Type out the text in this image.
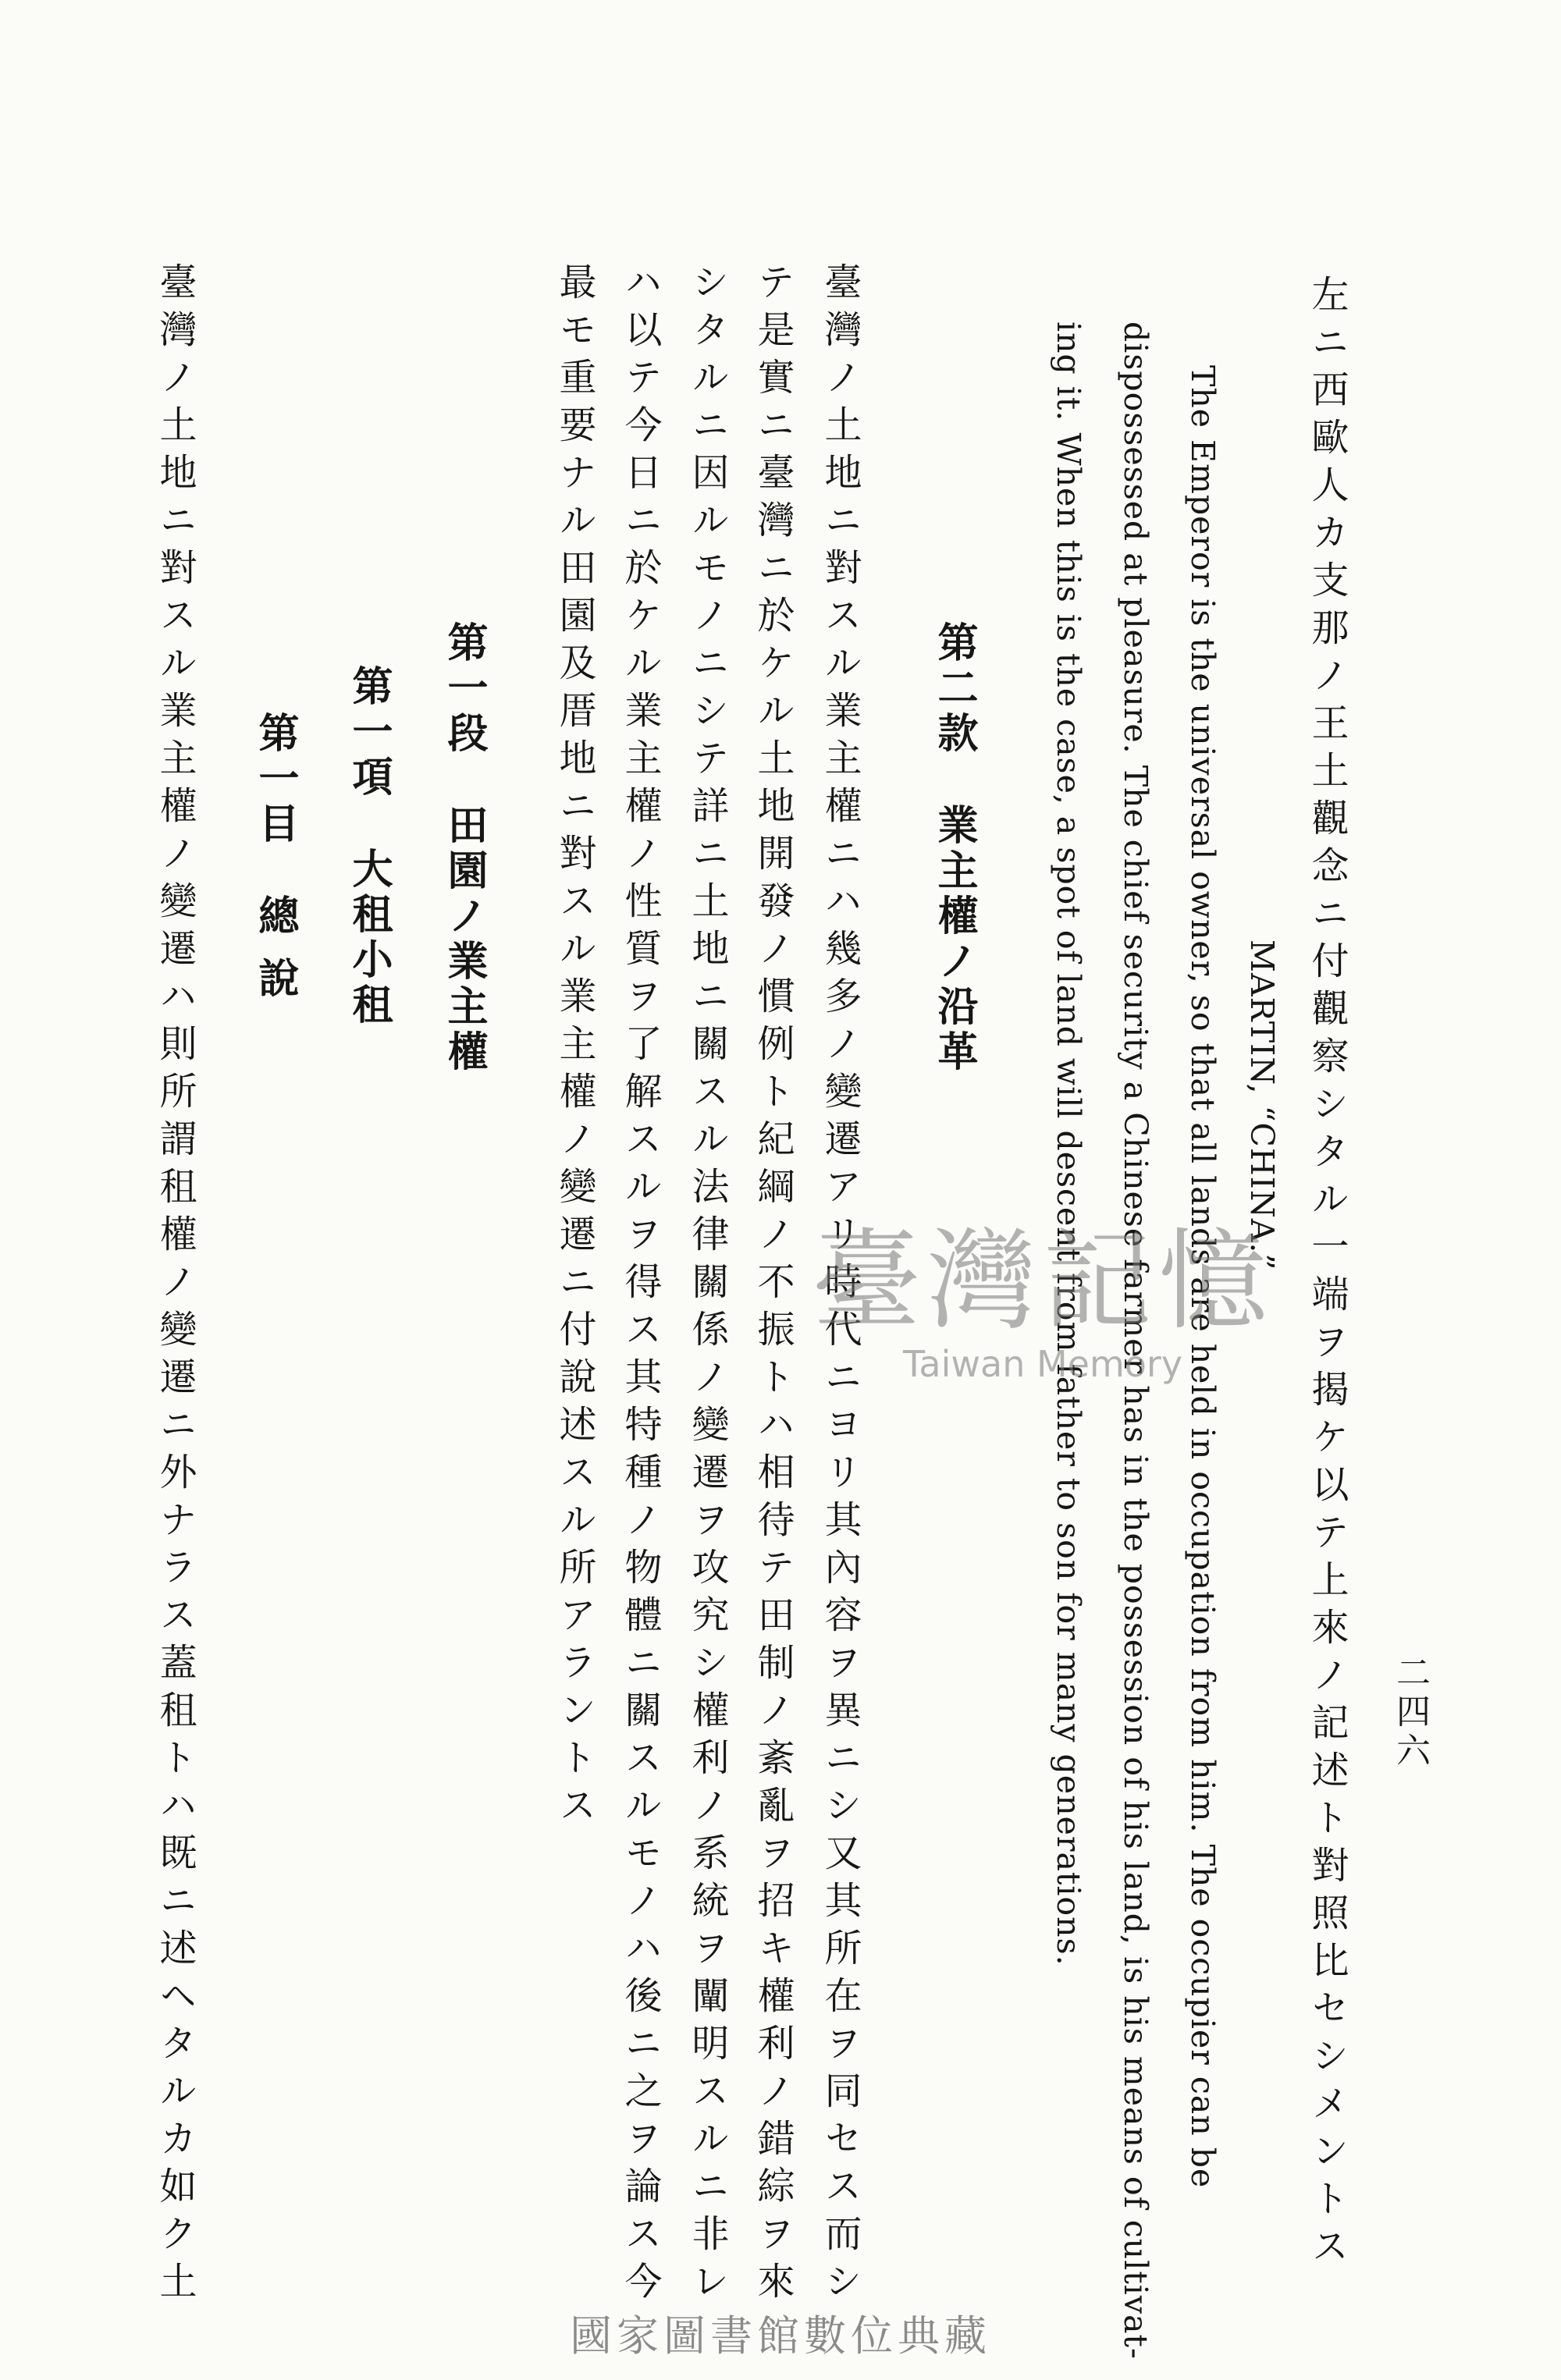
二四六
左ニ西歐人カ支那ノ王土觀念ニ付觀察シタル一端ヲ揭ケ以テ上來ノ記述ト對照比セシメントス
MARTIN, “CHINA.”
The Emperor is the universal owner, so that all lands are held in occupation from him. The occupier can be
dispossessed at pleasure. The chief security a Chinese farmer has in the possession of his land, is his means of cultivat-
ing it. When this is the case, a spot of land will descent from father to son for many generations.
第二款業主權ノ沿革
臺灣ノ土地ニ對スル業主權ニハ幾多ノ變遷アリ時代ニヨリ其內容ヲ異ニシ又其所在ヲ同セス而シ
テ是實ニ臺灣ニ於ケル土地開發ノ慣例ト紀綱ノ不振トハ相待テ田制ノ紊亂ヲ招キ權利ノ錯綜ヲ來
シタルニ因ルモノニシテ詳ニ土地ニ關スル法律關係ノ變遷ヲ攻究シ權利ノ系統ヲ闡明スルニ非レ
ハ以テ今日ニ於ケル業主權ノ性質ヲ了解スルヲ得ス其特種ノ物體ニ關スルモノハ後ニ之ヲ論ス今
最モ重要ナル田園及厝地ニ對スル業主權ノ變遷ニ付說述スル所アラントス
第一段田園ノ業主權
第一項大租小租
第一目總說
臺灣ノ土地ニ對スル業主權ノ變遷ハ則所謂租權ノ變遷ニ外ナラス蓋租トハ既ニ述ヘタルカ如ク土	臺灣記憶
Taiwan Memory
國家圖書館數位典藏
